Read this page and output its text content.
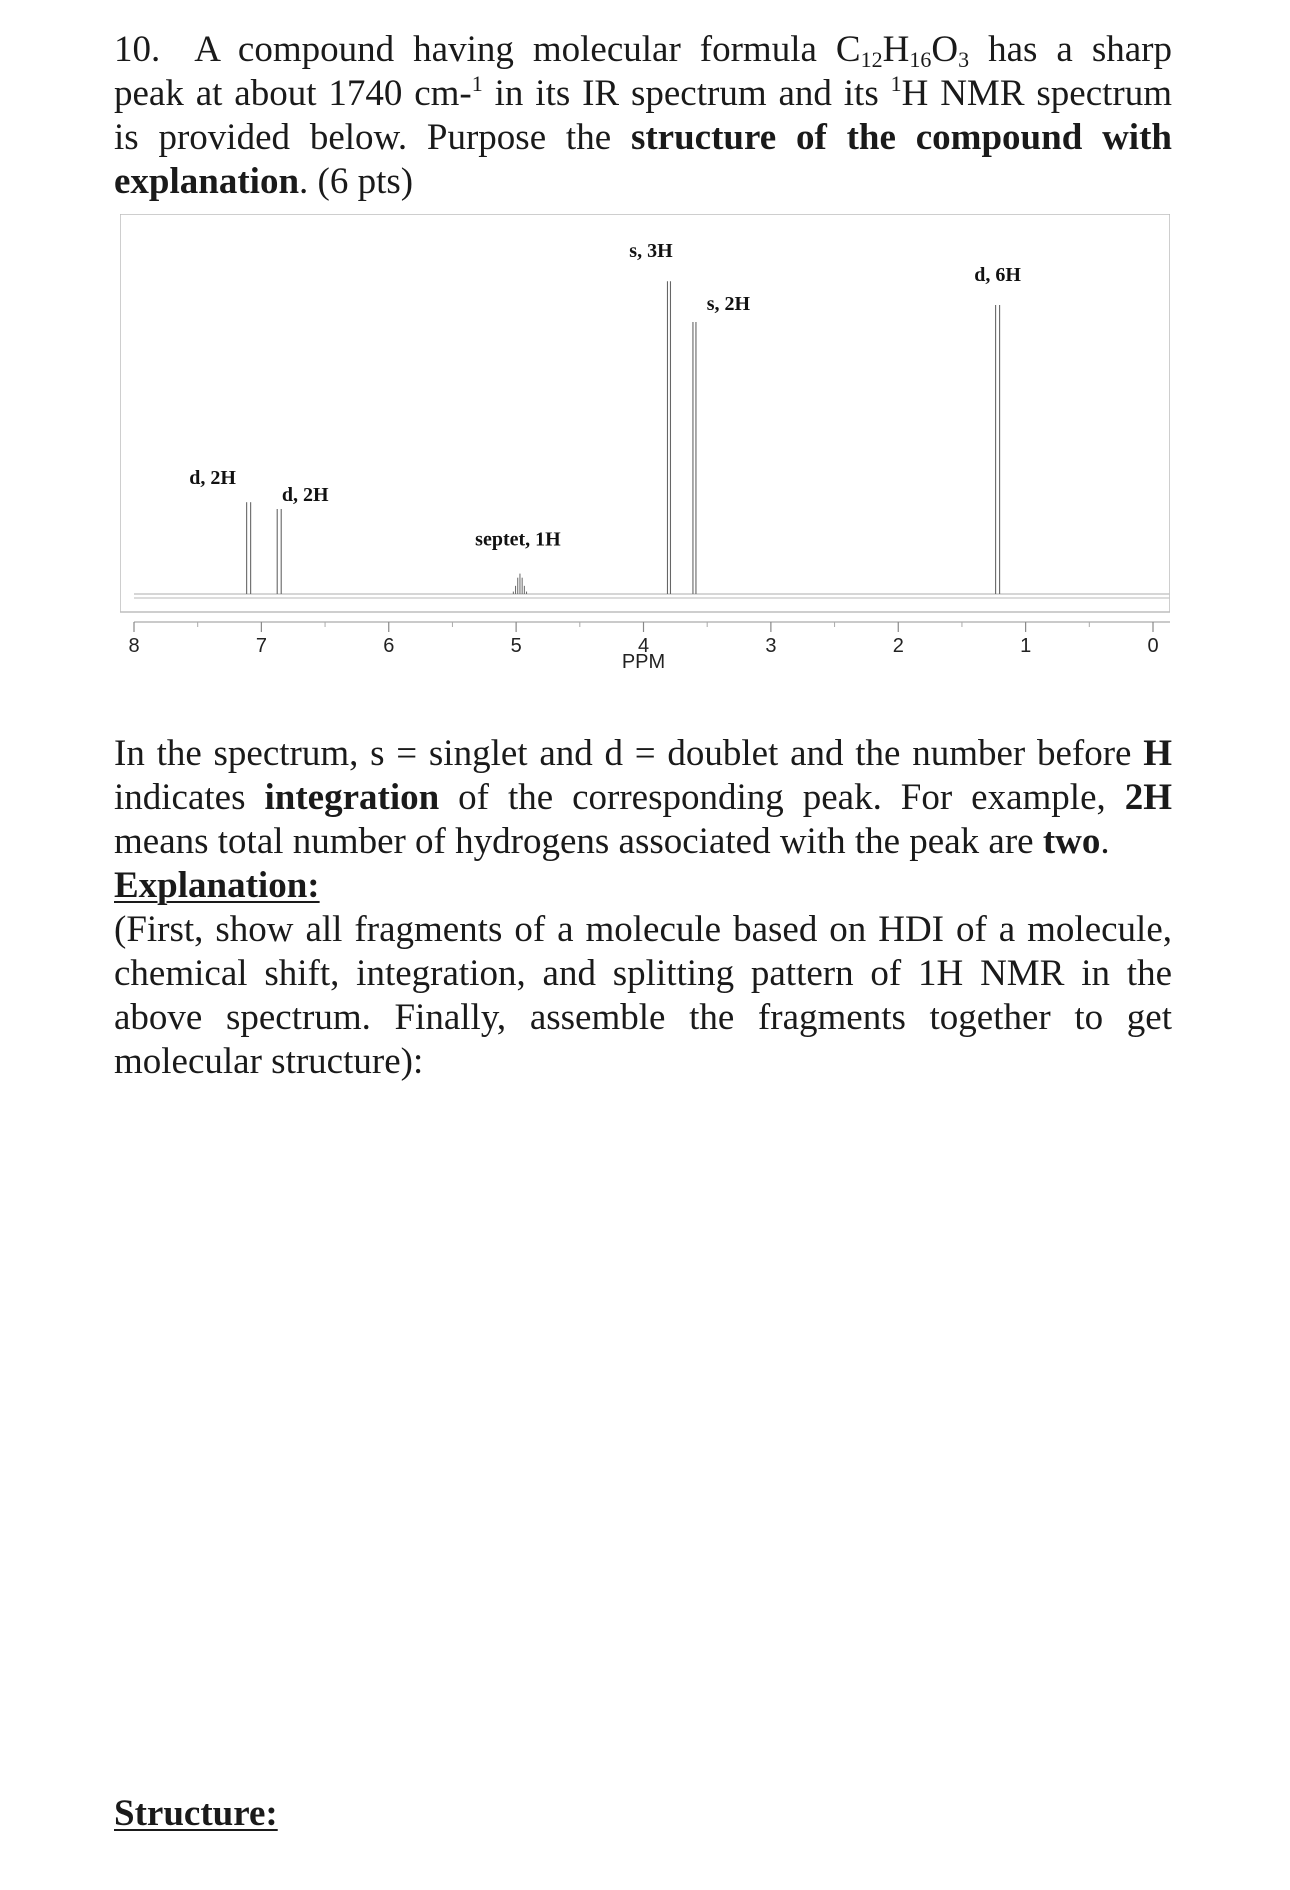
10. A compound having molecular formula $C_{12}H_{16}O_3$ has a sharp
peak at about 1740 cm-$^1$ in its IR spectrum and its $^1$H NMR spectrum
is provided below. Purpose the structure of the compound with
explanation. (6 pts)
d, 2H
d, 2H
septet, 1H
s, 3H
s, 2H
d, 6H
8	7	6	5	4	3	2	1	0
PPM
In the spectrum, s = singlet and d = doublet and the number before H
indicates integration of the corresponding peak. For example, 2H
means total number of hydrogens associated with the peak are two.
Explanation:
(First, show all fragments of a molecule based on HDI of a molecule,
chemical shift, integration, and splitting pattern of 1H NMR in the
above spectrum. Finally, assemble the fragments together to get
molecular structure):
Structure:
